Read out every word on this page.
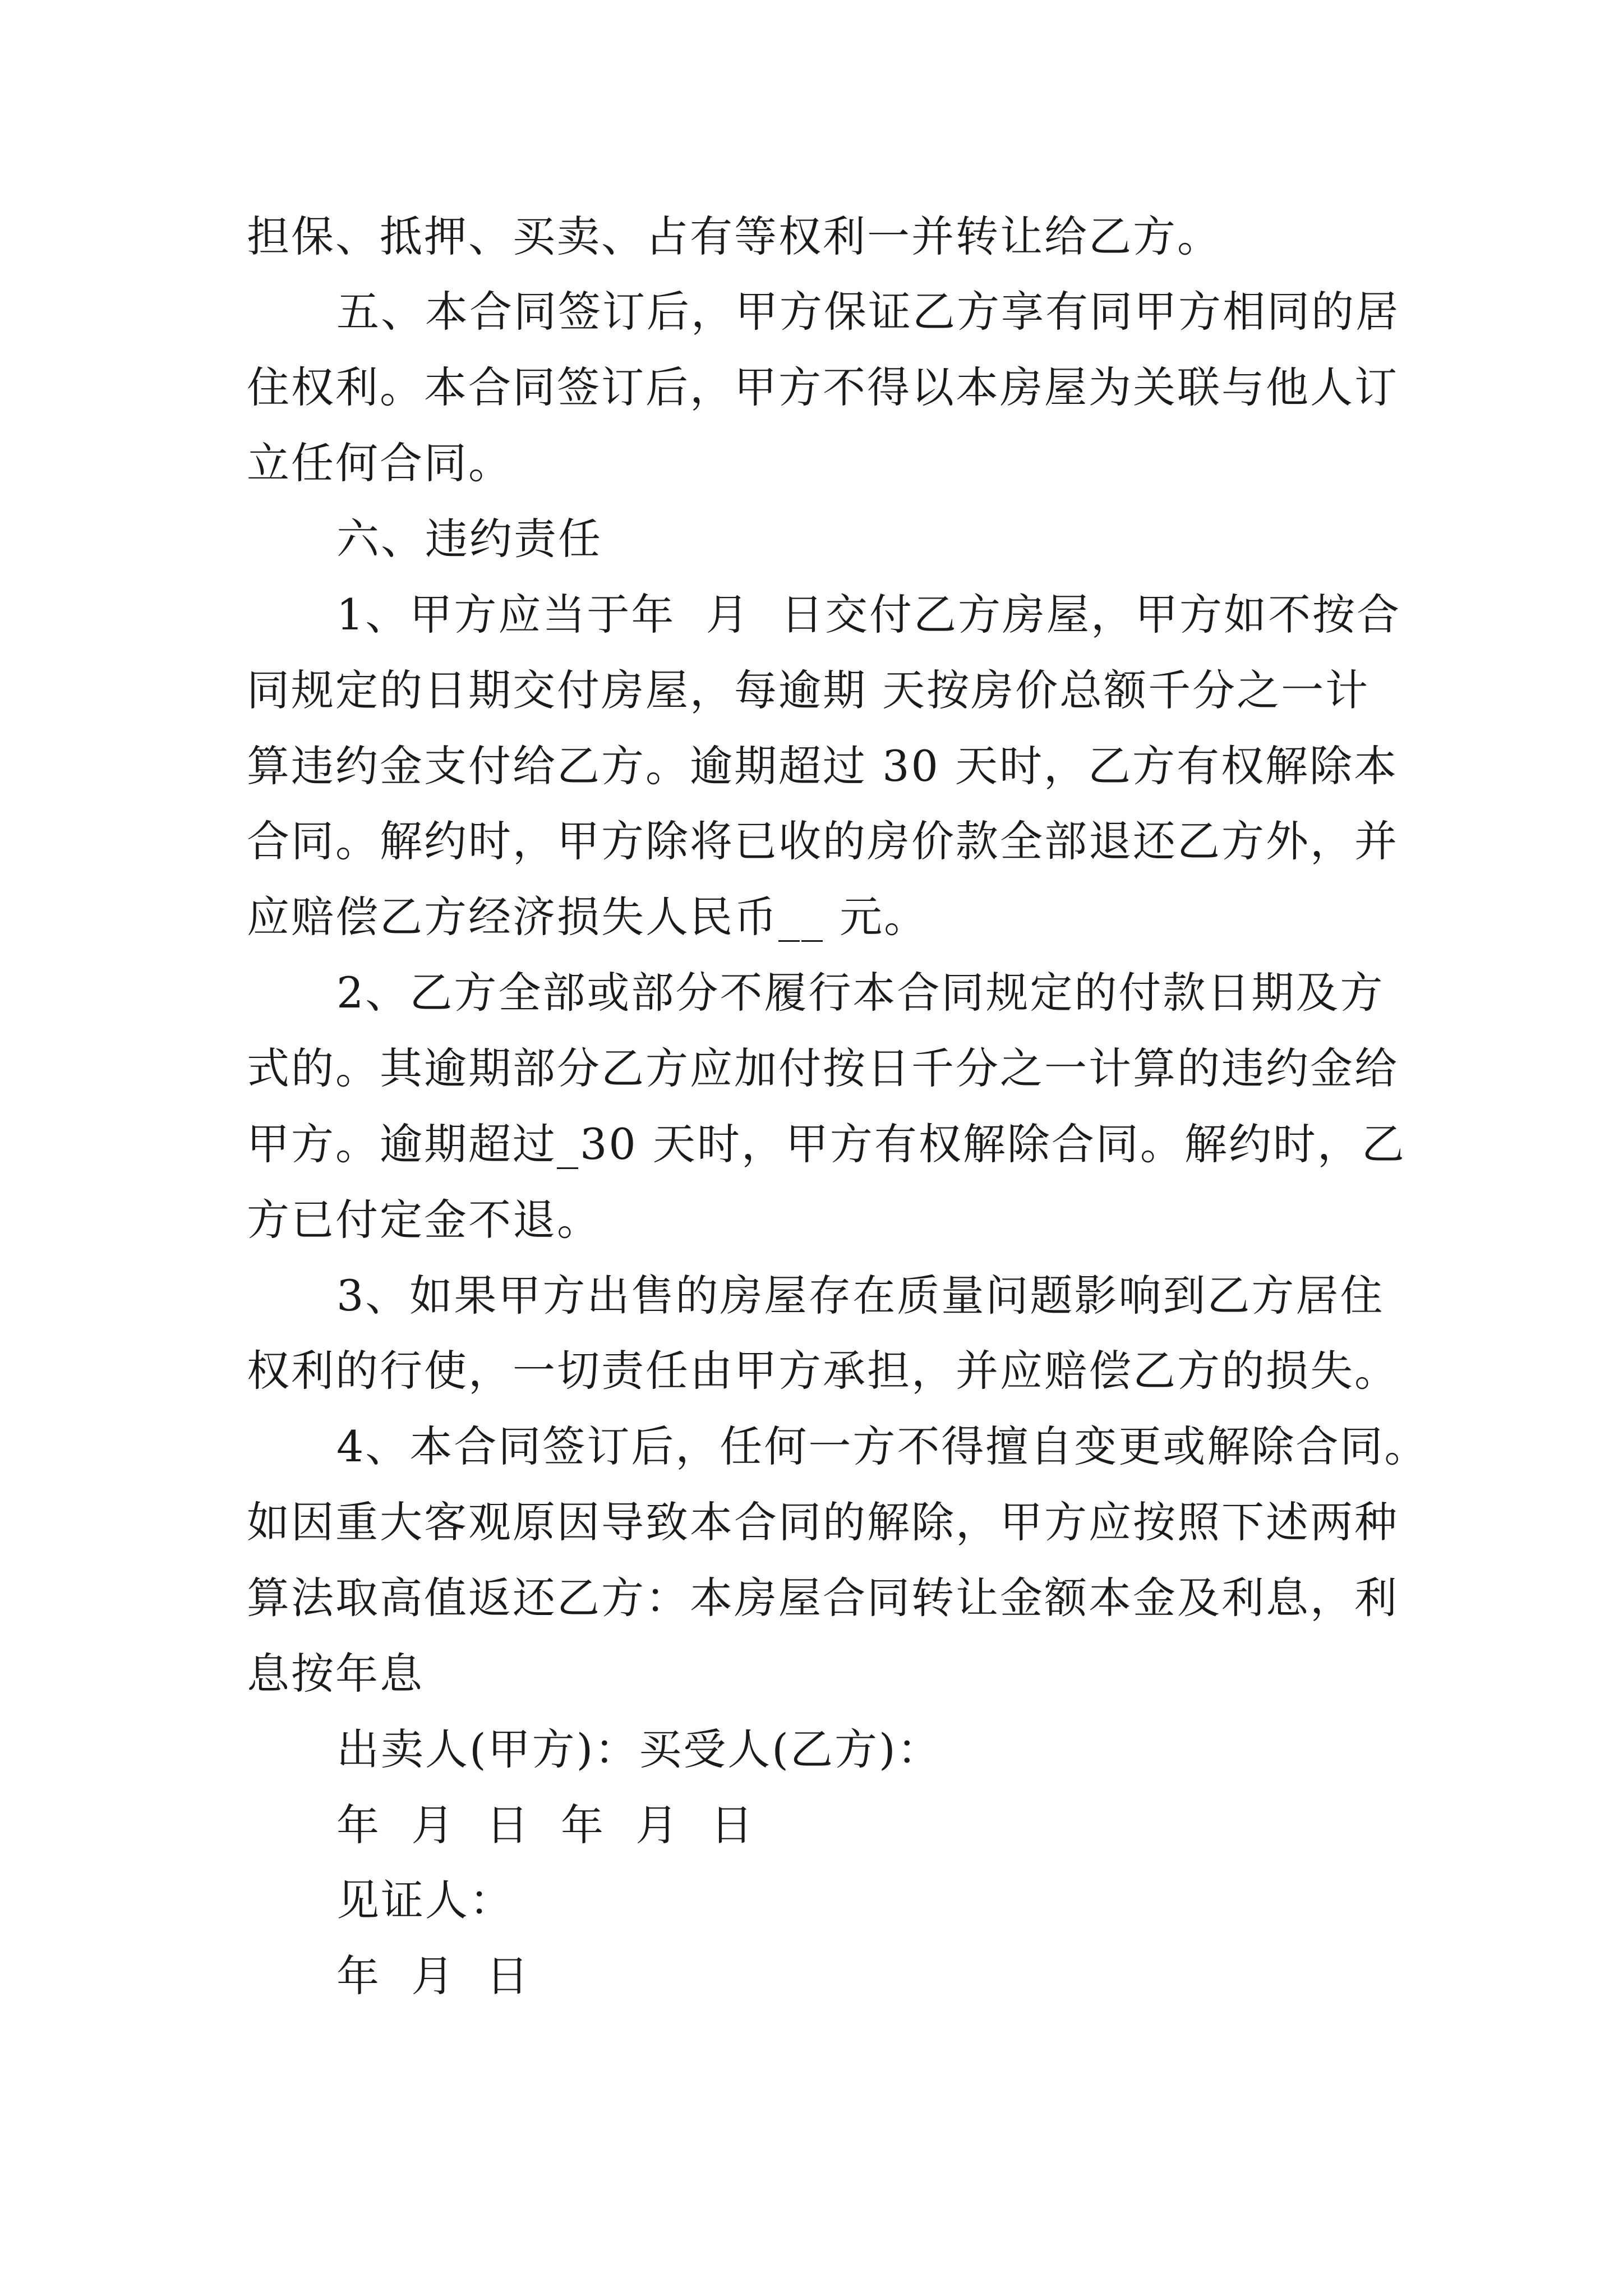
担保、抵押、买卖、占有等权利一并转让给乙方。
五、本合同签订后，甲方保证乙方享有同甲方相同的居
住权利。本合同签订后，甲方不得以本房屋为关联与他人订
立任何合同。
六、违约责任
1、甲方应当于年  月  日交付乙方房屋，甲方如不按合
同规定的日期交付房屋，每逾期 天按房价总额千分之一计
算违约金支付给乙方。逾期超过 30 天时，乙方有权解除本
合同。解约时，甲方除将已收的房价款全部退还乙方外，并
应赔偿乙方经济损失人民币__ 元。
2、乙方全部或部分不履行本合同规定的付款日期及方
式的。其逾期部分乙方应加付按日千分之一计算的违约金给
甲方。逾期超过_30 天时，甲方有权解除合同。解约时，乙
方已付定金不退。
3、如果甲方出售的房屋存在质量问题影响到乙方居住
权利的行使，一切责任由甲方承担，并应赔偿乙方的损失。
4、本合同签订后，任何一方不得擅自变更或解除合同。
如因重大客观原因导致本合同的解除，甲方应按照下述两种
算法取高值返还乙方：本房屋合同转让金额本金及利息，利
息按年息
出卖人(甲方)：买受人(乙方)：
年  月  日  年  月  日
见证人：
年  月  日
